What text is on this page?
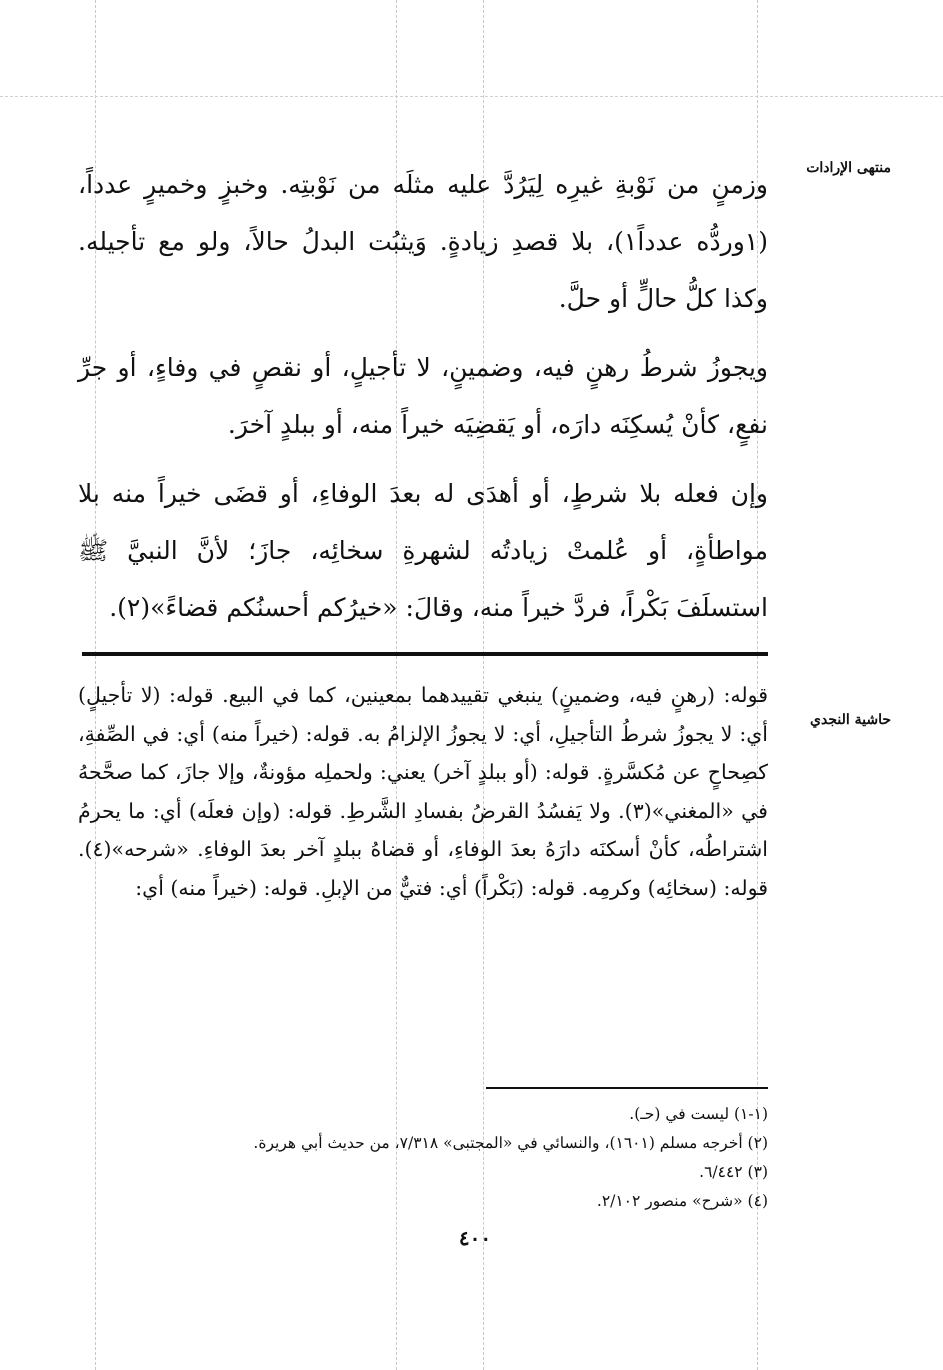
منتهى الإرادات
حاشية النجدي

وزمنٍ من نَوْبةِ غيرِه لِيَرُدَّ عليه مثلَه من نَوْبتِه. وخبزٍ وخميرٍ عدداً، (١وردُّه عدداً١)، بلا قصدِ زيادةٍ. وَيثبُت البدلُ حالاً، ولو مع تأجيله. وكذا كلُّ حالٍّ أو حلَّ.

ويجوزُ شرطُ رهنٍ فيه، وضمينٍ، لا تأجيلٍ، أو نقصٍ في وفاءٍ، أو جرِّ نفعٍ، كأنْ يُسكِنَه دارَه، أو يَقضِيَه خيراً منه، أو ببلدٍ آخرَ.

وإن فعله بلا شرطٍ، أو أهدَى له بعدَ الوفاءِ، أو قضَى خيراً منه بلا مواطأةٍ، أو عُلمتْ زيادتُه لشهرةِ سخائِه، جازَ؛ لأنَّ النبيَّ ﷺ استسلَفَ بَكْراً، فردَّ خيراً منه، وقالَ: «خيرُكم أحسنُكم قضاءً»(٢).

قوله: (رهنٍ فيه، وضمينٍ) ينبغي تقييدهما بمعينين، كما في البيع. قوله: (لا تأجيلٍ) أي: لا يجوزُ شرطُ التأجيلِ، أي: لا يجوزُ الإلزامُ به. قوله: (خيراً منه) أي: في الصِّفةِ، كصِحاحٍ عن مُكسَّرةٍ. قوله: (أو ببلدٍ آخر) يعني: ولحملِه مؤونةٌ، وإلا جازَ، كما صحَّحهُ في «المغني»(٣). ولا يَفسُدُ القرضُ بفسادِ الشَّرطِ. قوله: (وإن فعلَه) أي: ما يحرمُ اشتراطُه، كأنْ أسكنَه دارَهُ بعدَ الوفاءِ، أو قضاهُ ببلدٍ آخر بعدَ الوفاءِ. «شرحه»(٤). قوله: (سخائِه) وكرمِه. قوله: (بَكْراً) أي: فتيٌّ من الإبلِ. قوله: (خيراً منه) أي:

(١-١) ليست في (حـ).
(٢) أخرجه مسلم (١٦٠١)، والنسائي في «المجتبى» ٧/٣١٨، من حديث أبي هريرة.
(٣) ٦/٤٤٢.
(٤) «شرح» منصور ٢/١٠٢.
٤٠٠
